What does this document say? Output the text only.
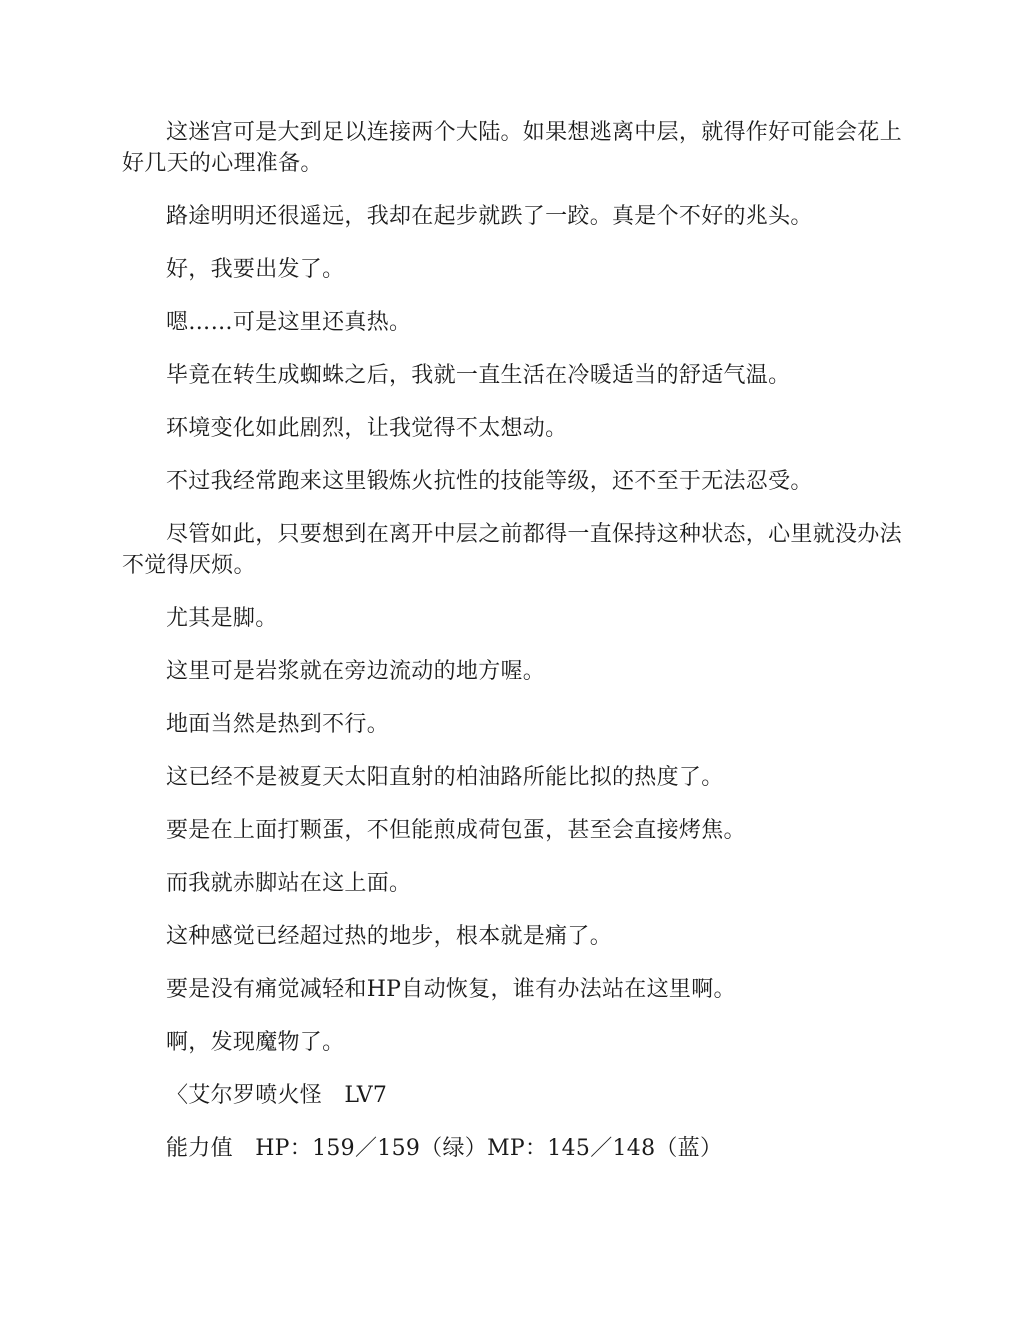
这迷宫可是大到足以连接两个大陆。如果想逃离中层，就得作好可能会花上好几天的心理准备。

路途明明还很遥远，我却在起步就跌了一跤。真是个不好的兆头。

好，我要出发了。

嗯……可是这里还真热。

毕竟在转生成蜘蛛之后，我就一直生活在冷暖适当的舒适气温。

环境变化如此剧烈，让我觉得不太想动。

不过我经常跑来这里锻炼火抗性的技能等级，还不至于无法忍受。

尽管如此，只要想到在离开中层之前都得一直保持这种状态，心里就没办法不觉得厌烦。

尤其是脚。

这里可是岩浆就在旁边流动的地方喔。

地面当然是热到不行。

这已经不是被夏天太阳直射的柏油路所能比拟的热度了。

要是在上面打颗蛋，不但能煎成荷包蛋，甚至会直接烤焦。

而我就赤脚站在这上面。

这种感觉已经超过热的地步，根本就是痛了。

要是没有痛觉减轻和HP自动恢复，谁有办法站在这里啊。

啊，发现魔物了。

〈艾尔罗喷火怪　LV7

能力值　HP：159／159（绿）MP：145／148（蓝）
